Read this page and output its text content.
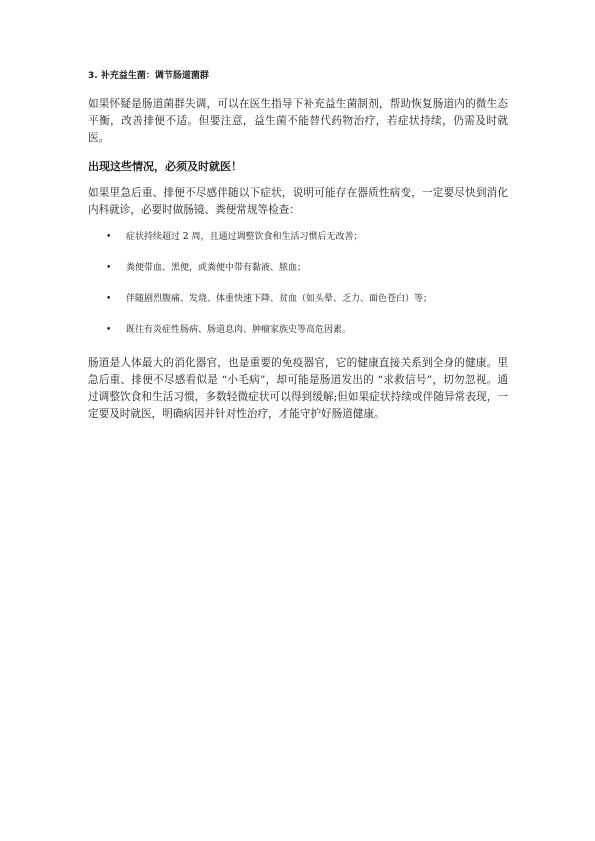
3. 补充益生菌：调节肠道菌群

如果怀疑是肠道菌群失调，可以在医生指导下补充益生菌制剂，帮助恢复肠道内的微生态平衡，改善排便不适。但要注意，益生菌不能替代药物治疗，若症状持续，仍需及时就医。

出现这些情况，必须及时就医！

如果里急后重、排便不尽感伴随以下症状，说明可能存在器质性病变，一定要尽快到消化内科就诊，必要时做肠镜、粪便常规等检查：

• 症状持续超过 2 周，且通过调整饮食和生活习惯后无改善；
• 粪便带血、黑便，或粪便中带有黏液、脓血；
• 伴随剧烈腹痛、发烧、体重快速下降、贫血（如头晕、乏力、面色苍白）等；
• 既往有炎症性肠病、肠道息肉、肿瘤家族史等高危因素。

肠道是人体最大的消化器官，也是重要的免疫器官，它的健康直接关系到全身的健康。里急后重、排便不尽感看似是 “小毛病”，却可能是肠道发出的 “求救信号”，切勿忽视。通过调整饮食和生活习惯，多数轻微症状可以得到缓解;但如果症状持续或伴随异常表现，一定要及时就医，明确病因并针对性治疗，才能守护好肠道健康。
